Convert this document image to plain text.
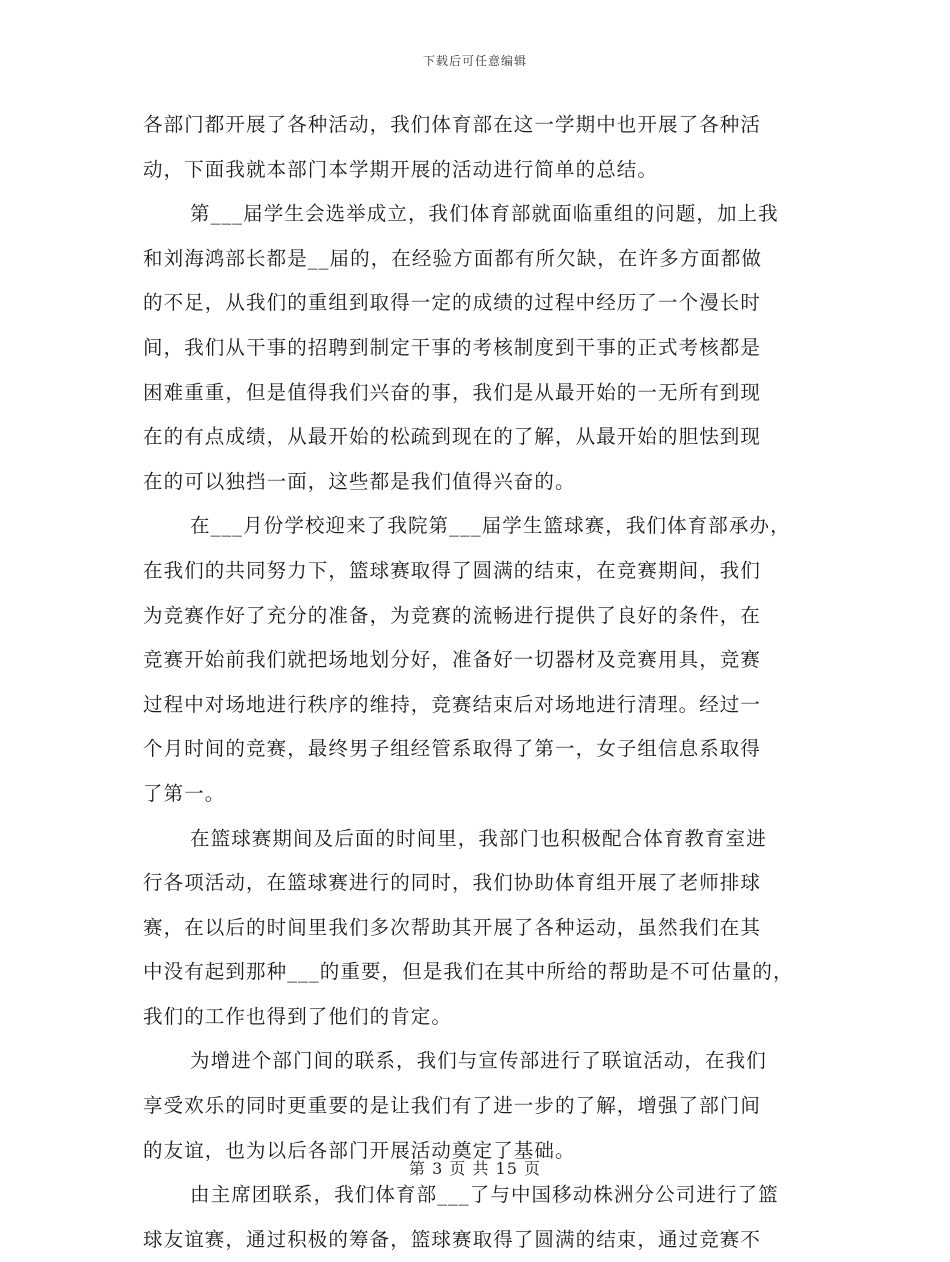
下载后可任意编辑
各部门都开展了各种活动，我们体育部在这一学期中也开展了各种活
动，下面我就本部门本学期开展的活动进行简单的总结。
第___届学生会选举成立，我们体育部就面临重组的问题，加上我
和刘海鸿部长都是__届的，在经验方面都有所欠缺，在许多方面都做
的不足，从我们的重组到取得一定的成绩的过程中经历了一个漫长时
间，我们从干事的招聘到制定干事的考核制度到干事的正式考核都是
困难重重，但是值得我们兴奋的事，我们是从最开始的一无所有到现
在的有点成绩，从最开始的松疏到现在的了解，从最开始的胆怯到现
在的可以独挡一面，这些都是我们值得兴奋的。
在___月份学校迎来了我院第___届学生篮球赛，我们体育部承办，
在我们的共同努力下，篮球赛取得了圆满的结束，在竞赛期间，我们
为竞赛作好了充分的准备，为竞赛的流畅进行提供了良好的条件，在
竞赛开始前我们就把场地划分好，准备好一切器材及竞赛用具，竞赛
过程中对场地进行秩序的维持，竞赛结束后对场地进行清理。经过一
个月时间的竞赛，最终男子组经管系取得了第一，女子组信息系取得
了第一。
在篮球赛期间及后面的时间里，我部门也积极配合体育教育室进
行各项活动，在篮球赛进行的同时，我们协助体育组开展了老师排球
赛，在以后的时间里我们多次帮助其开展了各种运动，虽然我们在其
中没有起到那种___的重要，但是我们在其中所给的帮助是不可估量的，
我们的工作也得到了他们的肯定。
为增进个部门间的联系，我们与宣传部进行了联谊活动，在我们
享受欢乐的同时更重要的是让我们有了进一步的了解，增强了部门间
的友谊，也为以后各部门开展活动奠定了基础。
由主席团联系，我们体育部___了与中国移动株洲分公司进行了篮
球友谊赛，通过积极的筹备，篮球赛取得了圆满的结束，通过竞赛不
第 3 页 共 15 页
